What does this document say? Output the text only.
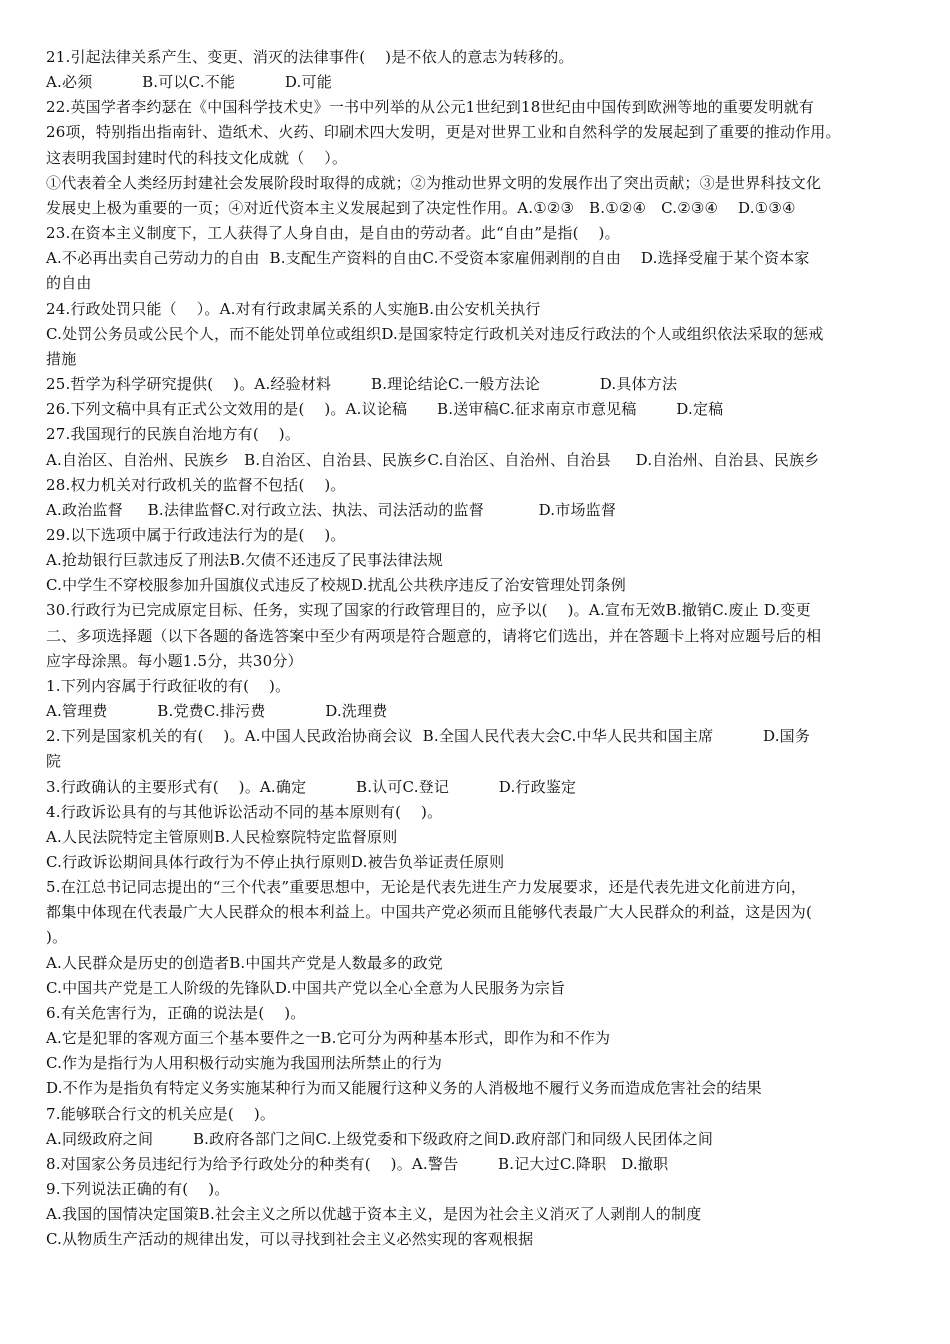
21.引起法律关系产生、变更、消灭的法律事件(    )是不依人的意志为转移的。
A.必须          B.可以C.不能          D.可能
22.英国学者李约瑟在《中国科学技术史》一书中列举的从公元1世纪到18世纪由中国传到欧洲等地的重要发明就有
26项，特别指出指南针、造纸术、火药、印刷术四大发明，更是对世界工业和自然科学的发展起到了重要的推动作用。
这表明我国封建时代的科技文化成就（    ）。
①代表着全人类经历封建社会发展阶段时取得的成就；②为推动世界文明的发展作出了突出贡献；③是世界科技文化
发展史上极为重要的一页；④对近代资本主义发展起到了决定性作用。A.①②③   B.①②④   C.②③④    D.①③④
23.在资本主义制度下，工人获得了人身自由，是自由的劳动者。此“自由”是指(    )。
A.不必再出卖自己劳动力的自由  B.支配生产资料的自由C.不受资本家雇佣剥削的自由    D.选择受雇于某个资本家
的自由
24.行政处罚只能（    ）。A.对有行政隶属关系的人实施B.由公安机关执行
C.处罚公务员或公民个人，而不能处罚单位或组织D.是国家特定行政机关对违反行政法的个人或组织依法采取的惩戒
措施
25.哲学为科学研究提供(    )。A.经验材料        B.理论结论C.一般方法论            D.具体方法
26.下列文稿中具有正式公文效用的是(    )。A.议论稿      B.送审稿C.征求南京市意见稿        D.定稿
27.我国现行的民族自治地方有(    )。
A.自治区、自治州、民族乡   B.自治区、自治县、民族乡C.自治区、自治州、自治县     D.自治州、自治县、民族乡
28.权力机关对行政机关的监督不包括(    )。
A.政治监督     B.法律监督C.对行政立法、执法、司法活动的监督           D.市场监督
29.以下选项中属于行政违法行为的是(    )。
A.抢劫银行巨款违反了刑法B.欠债不还违反了民事法律法规
C.中学生不穿校服参加升国旗仪式违反了校规D.扰乱公共秩序违反了治安管理处罚条例
30.行政行为已完成原定目标、任务，实现了国家的行政管理目的，应予以(    )。A.宣布无效B.撤销C.废止 D.变更
二、多项选择题（以下各题的备选答案中至少有两项是符合题意的，请将它们选出，并在答题卡上将对应题号后的相
应字母涂黑。每小题1.5分，共30分）
1.下列内容属于行政征收的有(    )。
A.管理费          B.党费C.排污费            D.洗理费
2.下列是国家机关的有(    )。A.中国人民政治协商会议  B.全国人民代表大会C.中华人民共和国主席          D.国务
院
3.行政确认的主要形式有(    )。A.确定          B.认可C.登记          D.行政鉴定
4.行政诉讼具有的与其他诉讼活动不同的基本原则有(    )。
A.人民法院特定主管原则B.人民检察院特定监督原则
C.行政诉讼期间具体行政行为不停止执行原则D.被告负举证责任原则
5.在江总书记同志提出的“三个代表”重要思想中，无论是代表先进生产力发展要求，还是代表先进文化前进方向，
都集中体现在代表最广大人民群众的根本利益上。中国共产党必须而且能够代表最广大人民群众的利益，这是因为(
)。
A.人民群众是历史的创造者B.中国共产党是人数最多的政党
C.中国共产党是工人阶级的先锋队D.中国共产党以全心全意为人民服务为宗旨
6.有关危害行为，正确的说法是(    )。
A.它是犯罪的客观方面三个基本要件之一B.它可分为两种基本形式，即作为和不作为
C.作为是指行为人用积极行动实施为我国刑法所禁止的行为
D.不作为是指负有特定义务实施某种行为而又能履行这种义务的人消极地不履行义务而造成危害社会的结果
7.能够联合行文的机关应是(    )。
A.同级政府之间        B.政府各部门之间C.上级党委和下级政府之间D.政府部门和同级人民团体之间
8.对国家公务员违纪行为给予行政处分的种类有(    )。A.警告        B.记大过C.降职   D.撤职
9.下列说法正确的有(    )。
A.我国的国情决定国策B.社会主义之所以优越于资本主义，是因为社会主义消灭了人剥削人的制度
C.从物质生产活动的规律出发，可以寻找到社会主义必然实现的客观根据
